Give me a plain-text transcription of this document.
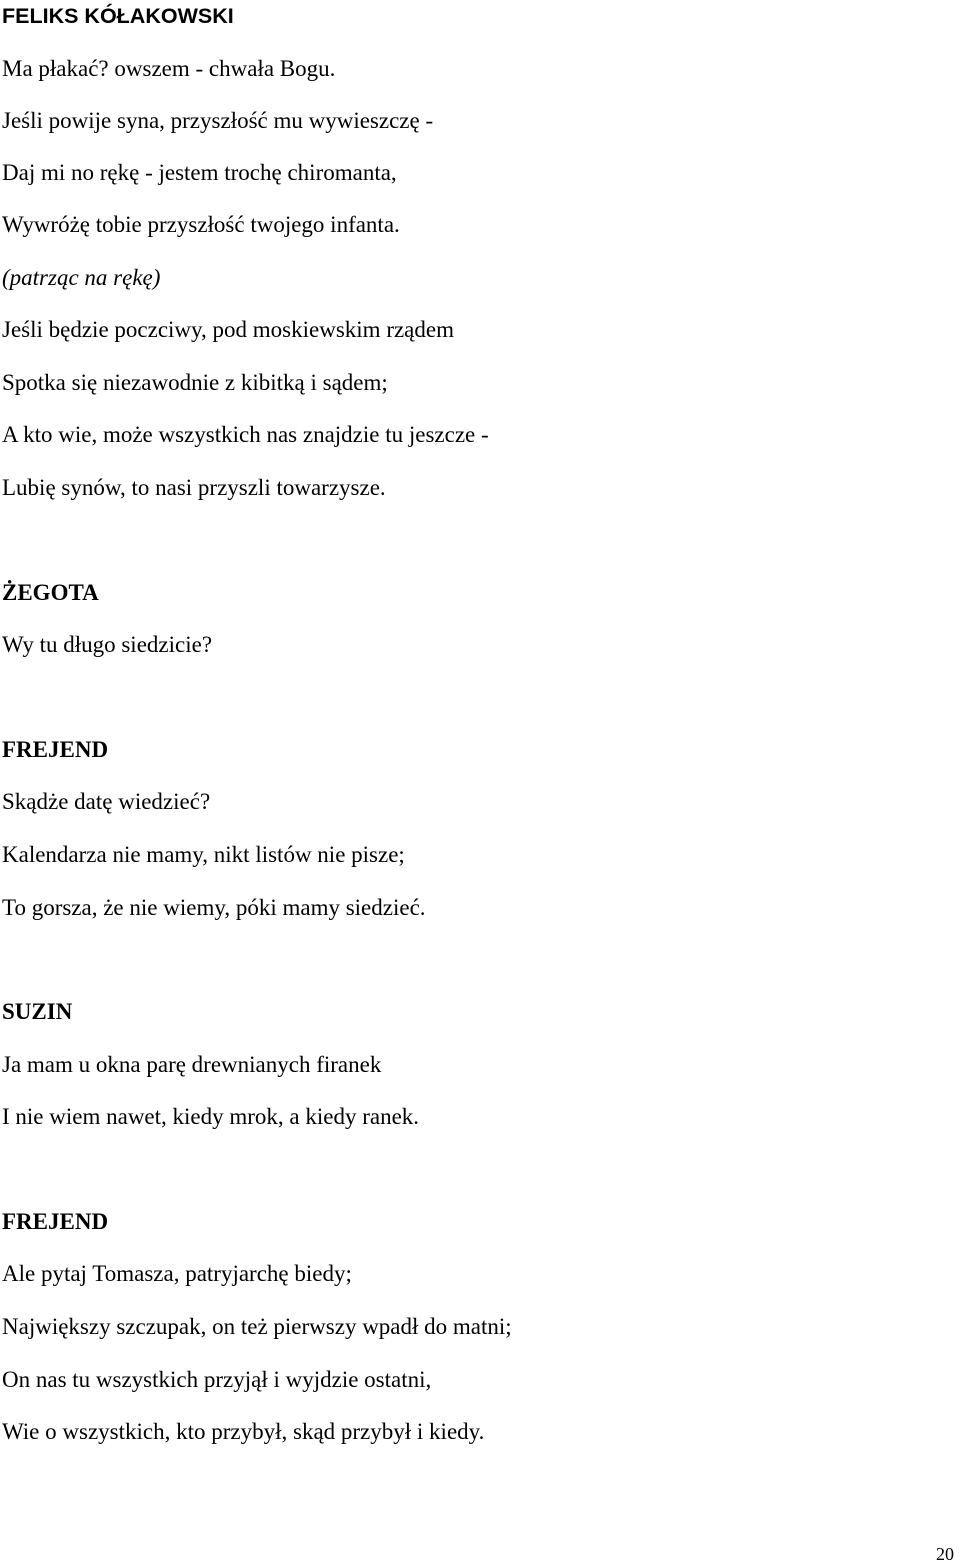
FELIKS KÓŁAKOWSKI
Ma płakać? owszem - chwała Bogu.
Jeśli powije syna, przyszłość mu wywieszczę -
Daj mi no rękę - jestem trochę chiromanta,
Wywróżę tobie przyszłość twojego infanta.
(patrząc na rękę)
Jeśli będzie poczciwy, pod moskiewskim rządem
Spotka się niezawodnie z kibitką i sądem;
A kto wie, może wszystkich nas znajdzie tu jeszcze -
Lubię synów, to nasi przyszli towarzysze.
ŻEGOTA
Wy tu długo siedzicie?
FREJEND
Skądże datę wiedzieć?
Kalendarza nie mamy, nikt listów nie pisze;
To gorsza, że nie wiemy, póki mamy siedzieć.
SUZIN
Ja mam u okna parę drewnianych firanek
I nie wiem nawet, kiedy mrok, a kiedy ranek.
FREJEND
Ale pytaj Tomasza, patryjarchę biedy;
Największy szczupak, on też pierwszy wpadł do matni;
On nas tu wszystkich przyjął i wyjdzie ostatni,
Wie o wszystkich, kto przybył, skąd przybył i kiedy.
20
